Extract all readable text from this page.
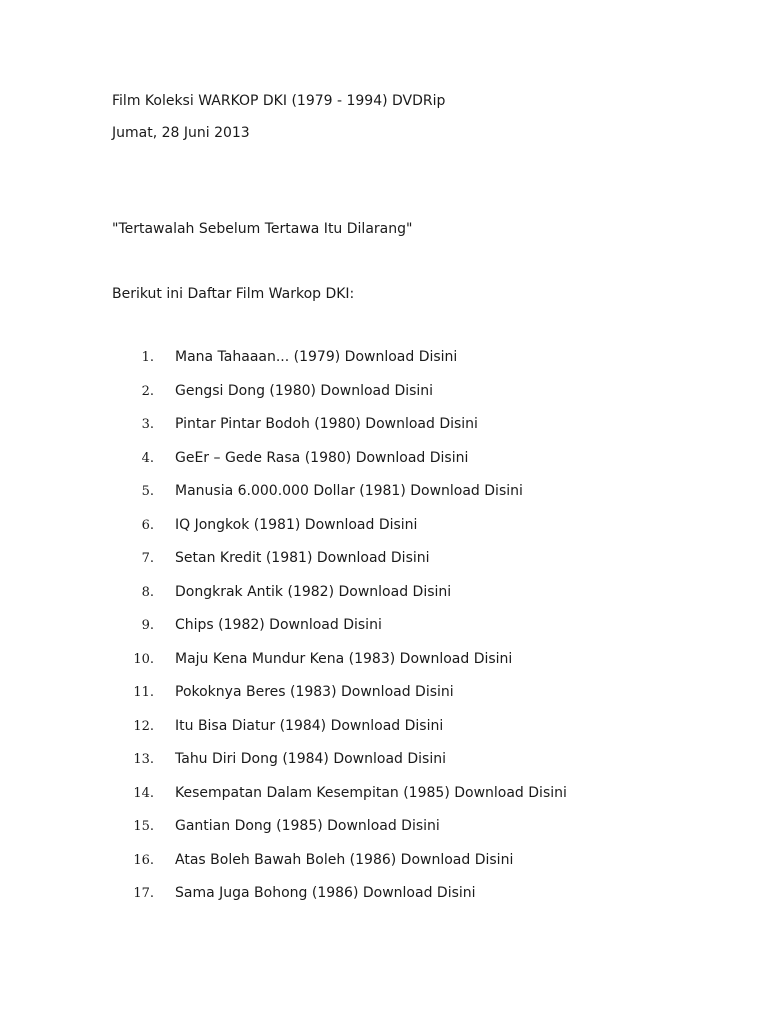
Film Koleksi WARKOP DKI (1979 - 1994) DVDRip
Jumat, 28 Juni 2013
"Tertawalah Sebelum Tertawa Itu Dilarang"
Berikut ini Daftar Film Warkop DKI:
1. Mana Tahaaan... (1979) Download Disini
2. Gengsi Dong (1980) Download Disini
3. Pintar Pintar Bodoh (1980) Download Disini
4. GeEr – Gede Rasa (1980) Download Disini
5. Manusia 6.000.000 Dollar (1981) Download Disini
6. IQ Jongkok (1981) Download Disini
7. Setan Kredit (1981) Download Disini
8. Dongkrak Antik (1982) Download Disini
9. Chips (1982) Download Disini
10. Maju Kena Mundur Kena (1983) Download Disini
11. Pokoknya Beres (1983) Download Disini
12. Itu Bisa Diatur (1984) Download Disini
13. Tahu Diri Dong (1984) Download Disini
14. Kesempatan Dalam Kesempitan (1985) Download Disini
15. Gantian Dong (1985) Download Disini
16. Atas Boleh Bawah Boleh (1986) Download Disini
17. Sama Juga Bohong (1986) Download Disini
